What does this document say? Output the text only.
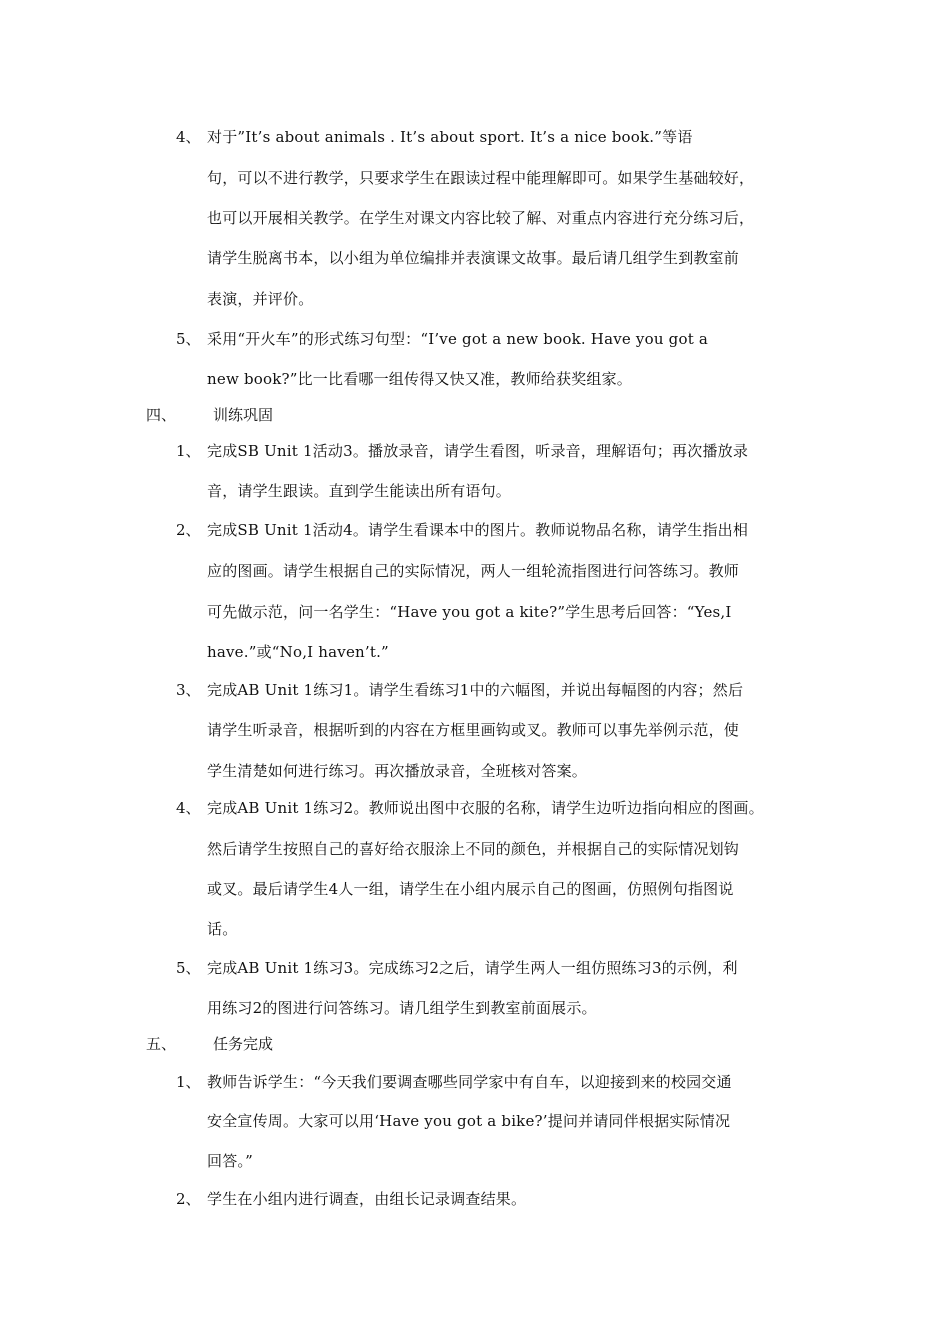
4、 对于”It’s about animals . It’s about sport. It’s a nice book.”等语
句，可以不进行教学，只要求学生在跟读过程中能理解即可。如果学生基础较好，
也可以开展相关教学。在学生对课文内容比较了解、对重点内容进行充分练习后，
请学生脱离书本，以小组为单位编排并表演课文故事。最后请几组学生到教室前
表演，并评价。
5、 采用“开火车”的形式练习句型：“I’ve got a new book. Have you got a
new book?”比一比看哪一组传得又快又准，教师给获奖组家。
四、 训练巩固
1、 完成SB Unit 1活动3。播放录音，请学生看图，听录音，理解语句；再次播放录
音，请学生跟读。直到学生能读出所有语句。
2、 完成SB Unit 1活动4。请学生看课本中的图片。教师说物品名称，请学生指出相
应的图画。请学生根据自己的实际情况，两人一组轮流指图进行问答练习。教师
可先做示范，问一名学生：“Have you got a kite?”学生思考后回答：“Yes,I
have.”或“No,I haven’t.”
3、 完成AB Unit 1练习1。请学生看练习1中的六幅图，并说出每幅图的内容；然后
请学生听录音，根据听到的内容在方框里画钩或叉。教师可以事先举例示范，使
学生清楚如何进行练习。再次播放录音，全班核对答案。
4、 完成AB Unit 1练习2。教师说出图中衣服的名称，请学生边听边指向相应的图画。
然后请学生按照自己的喜好给衣服涂上不同的颜色，并根据自己的实际情况划钩
或叉。最后请学生4人一组，请学生在小组内展示自己的图画，仿照例句指图说
话。
5、 完成AB Unit 1练习3。完成练习2之后，请学生两人一组仿照练习3的示例，利
用练习2的图进行问答练习。请几组学生到教室前面展示。
五、 任务完成
1、 教师告诉学生：“今天我们要调查哪些同学家中有自车，以迎接到来的校园交通
安全宣传周。大家可以用‘Have you got a bike?’提问并请同伴根据实际情况
回答。”
2、 学生在小组内进行调查，由组长记录调查结果。
